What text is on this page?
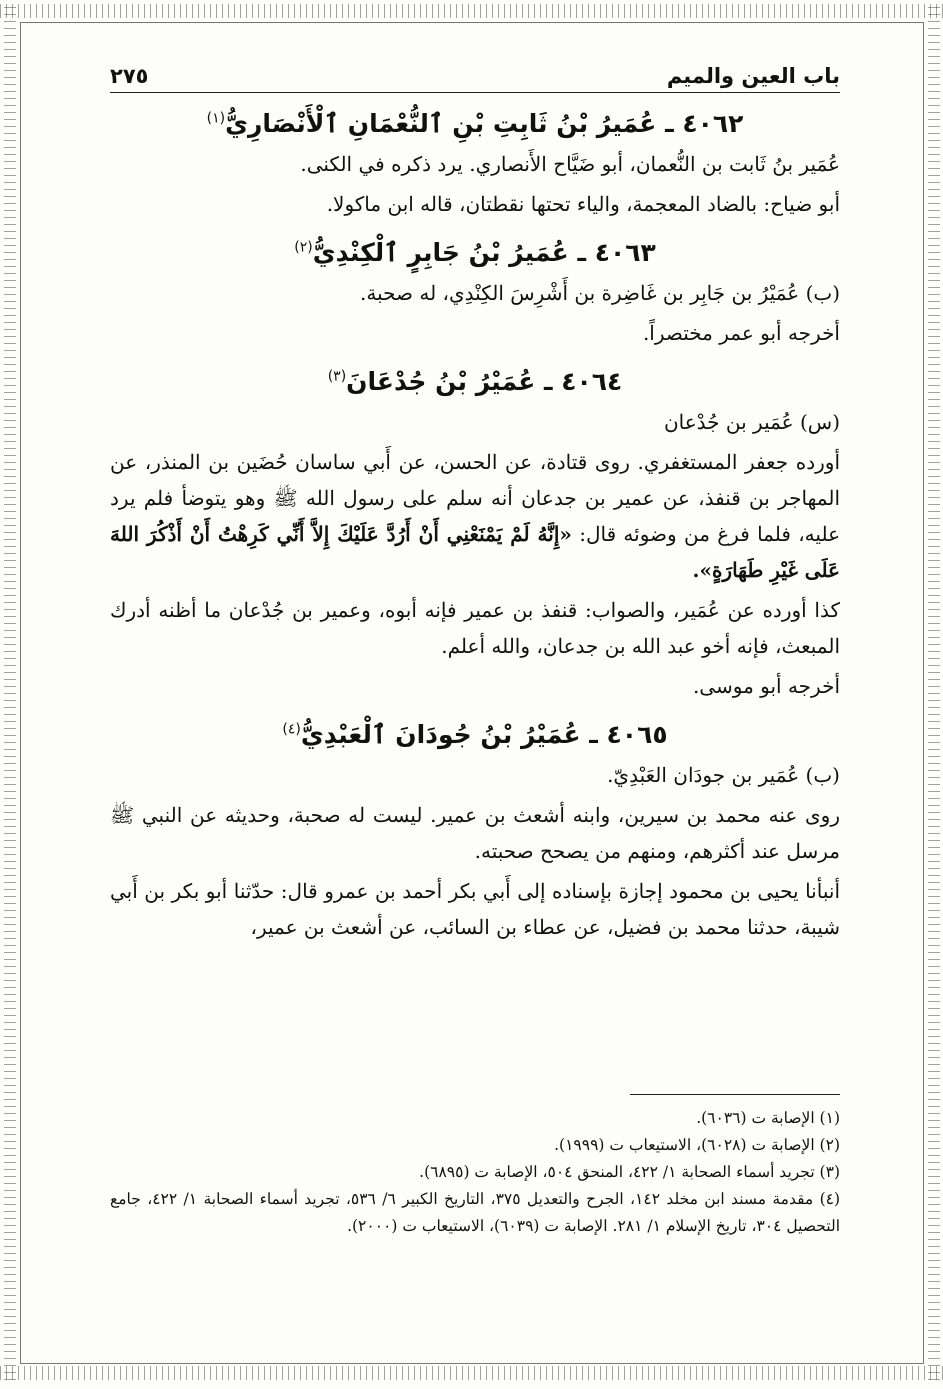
باب العين والميم
٢٧٥
٤٠٦٢ ـ عُمَيرُ بْنُ ثَابِتِ بْنِ ٱلنُّعْمَانِ ٱلْأَنْصَارِيُّ$^{(١)}$

عُمَير بنُ ثَابت بن النُّعمان، أبو ضَيَّاح الأَنصاري. يرد ذكره في الكنى.

أبو ضياح: بالضاد المعجمة، والياء تحتها نقطتان، قاله ابن ماكولا.

٤٠٦٣ ـ عُمَيرُ بْنُ جَابِرٍ ٱلْكِنْدِيُّ$^{(٢)}$

(ب) عُمَيْرُ بن جَابِر بن غَاضِرة بن أَشْرِسَ الكِنْدِي، له صحبة.

أخرجه أبو عمر مختصراً.

٤٠٦٤ ـ عُمَيْرُ بْنُ جُدْعَانَ$^{(٣)}$

(س) عُمَير بن جُدْعان

أورده جعفر المستغفري. روى قتادة، عن الحسن، عن أَبي ساسان حُضَين بن المنذر، عن المهاجر بن قنفذ، عن عمير بن جدعان أنه سلم على رسول الله ﷺ وهو يتوضأ فلم يرد عليه، فلما فرغ من وضوئه قال: «إِنَّهُ لَمْ يَمْنَعْنِي أَنْ أَرُدَّ عَلَيْكَ إِلاَّ أَنِّي كَرِهْتُ أَنْ أَذْكُرَ اللهَ عَلَى غَيْرِ طَهَارَةٍ».

كذا أورده عن عُمَير، والصواب: قنفذ بن عمير فإنه أبوه، وعمير بن جُدْعان ما أظنه أدرك المبعث، فإنه أخو عبد الله بن جدعان، والله أعلم.

أخرجه أبو موسى.

٤٠٦٥ ـ عُمَيْرُ بْنُ جُودَانَ ٱلْعَبْدِيُّ$^{(٤)}$

(ب) عُمَير بن جودَان العَبْدِيّ.

روى عنه محمد بن سيرين، وابنه أشعث بن عمير. ليست له صحبة، وحديثه عن النبي ﷺ مرسل عند أكثرهم، ومنهم من يصحح صحبته.

أنبأنا يحيى بن محمود إجازة بإسناده إلى أَبي بكر أحمد بن عمرو قال: حدّثنا أبو بكر بن أَبي شيبة، حدثنا محمد بن فضيل، عن عطاء بن السائب، عن أشعث بن عمير،

(١) الإصابة ت (٦٠٣٦).

(٢) الإصابة ت (٦٠٢٨)، الاستيعاب ت (١٩٩٩).

(٣) تجريد أسماء الصحابة ١/ ٤٢٢، المنحق ٥٠٤، الإصابة ت (٦٨٩٥).

(٤) مقدمة مسند ابن مخلد ١٤٢، الجرح والتعديل ٣٧٥، التاريخ الكبير ٦/ ٥٣٦، تجريد أسماء الصحابة ١/ ٤٢٢، جامع التحصيل ٣٠٤، تاريخ الإسلام ١/ ٢٨١. الإصابة ت (٦٠٣٩)، الاستيعاب ت (٢٠٠٠).
